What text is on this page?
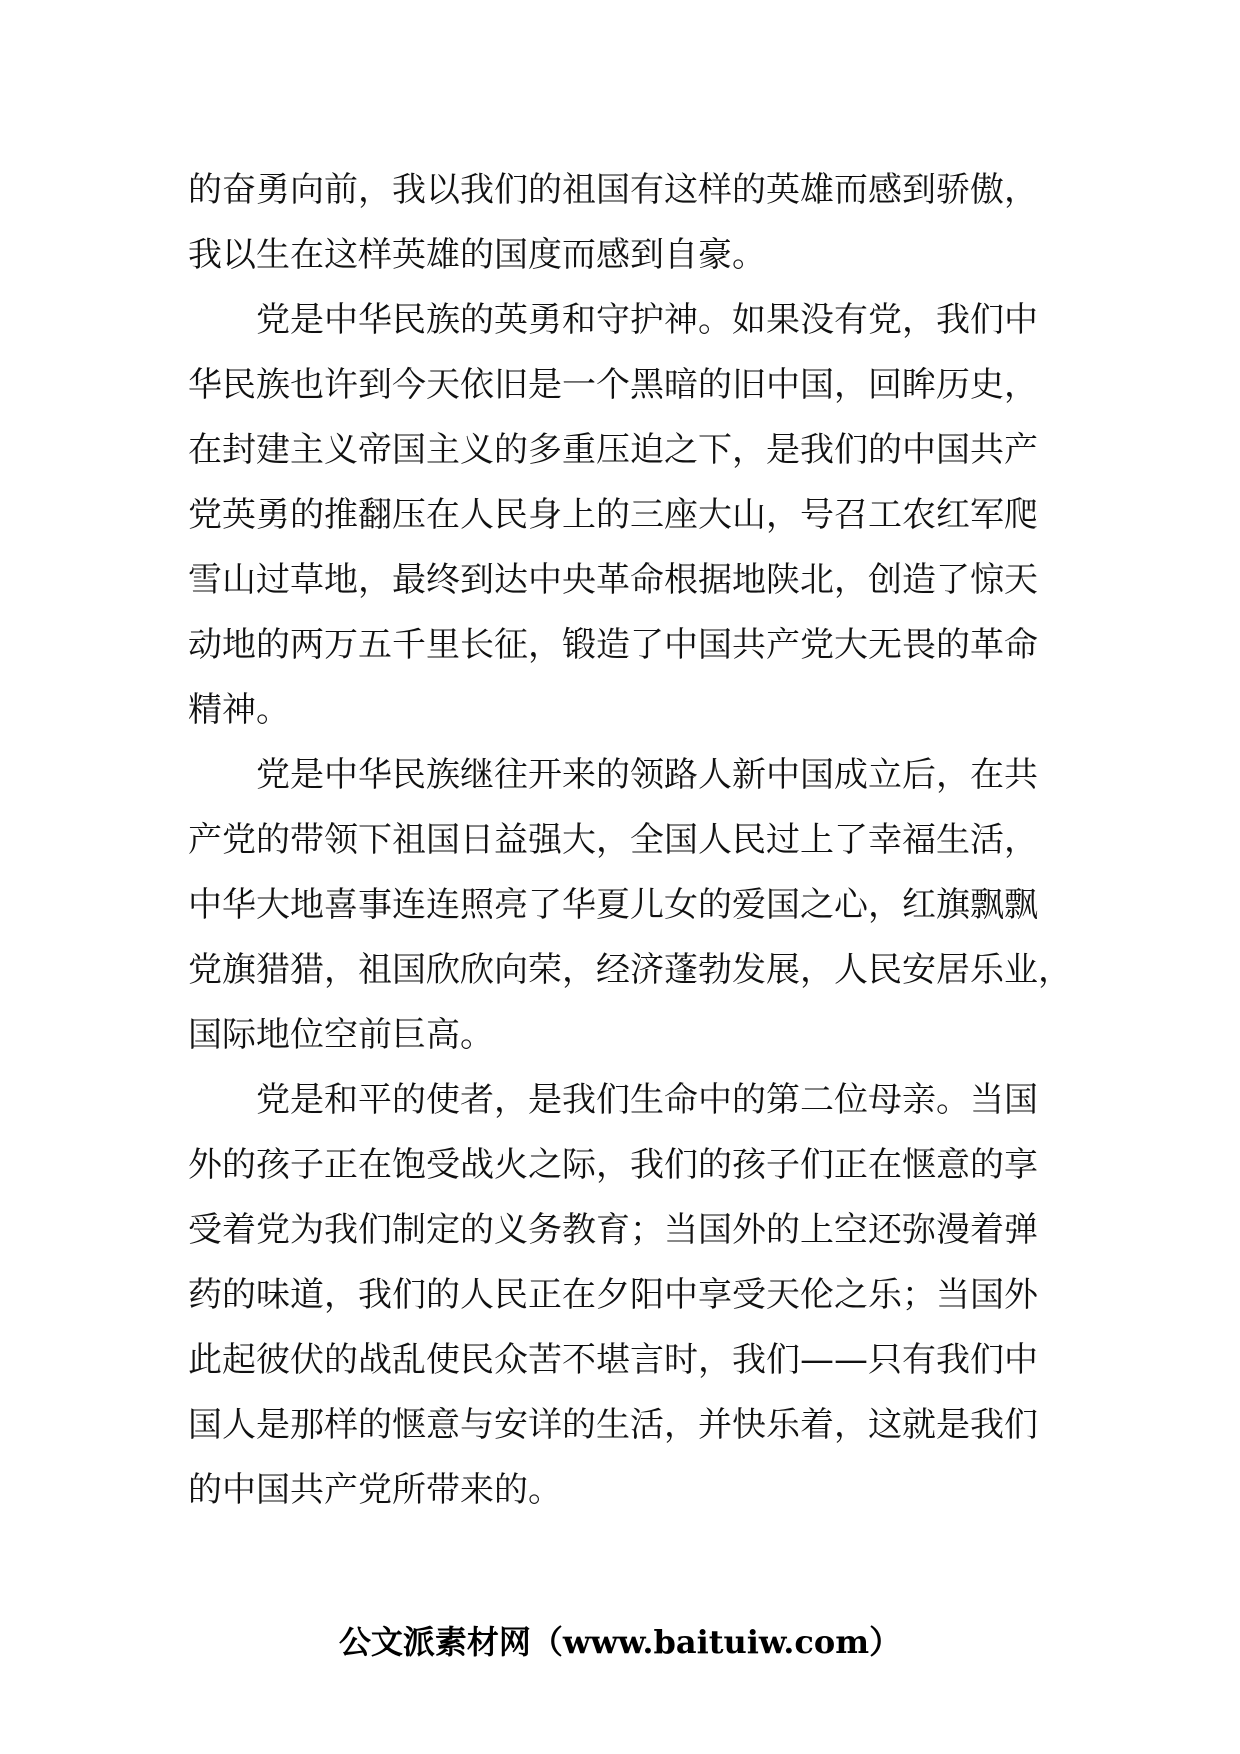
的奋勇向前，我以我们的祖国有这样的英雄而感到骄傲，
我以生在这样英雄的国度而感到自豪。
党是中华民族的英勇和守护神。如果没有党，我们中
华民族也许到今天依旧是一个黑暗的旧中国，回眸历史，
在封建主义帝国主义的多重压迫之下，是我们的中国共产
党英勇的推翻压在人民身上的三座大山，号召工农红军爬
雪山过草地，最终到达中央革命根据地陕北，创造了惊天
动地的两万五千里长征，锻造了中国共产党大无畏的革命
精神。
党是中华民族继往开来的领路人新中国成立后，在共
产党的带领下祖国日益强大，全国人民过上了幸福生活，
中华大地喜事连连照亮了华夏儿女的爱国之心，红旗飘飘
党旗猎猎，祖国欣欣向荣，经济蓬勃发展，人民安居乐业，
国际地位空前巨高。
党是和平的使者，是我们生命中的第二位母亲。当国
外的孩子正在饱受战火之际，我们的孩子们正在惬意的享
受着党为我们制定的义务教育；当国外的上空还弥漫着弹
药的味道，我们的人民正在夕阳中享受天伦之乐；当国外
此起彼伏的战乱使民众苦不堪言时，我们——只有我们中
国人是那样的惬意与安详的生活，并快乐着，这就是我们
的中国共产党所带来的。
公文派素材网（www.baituiw.com）
